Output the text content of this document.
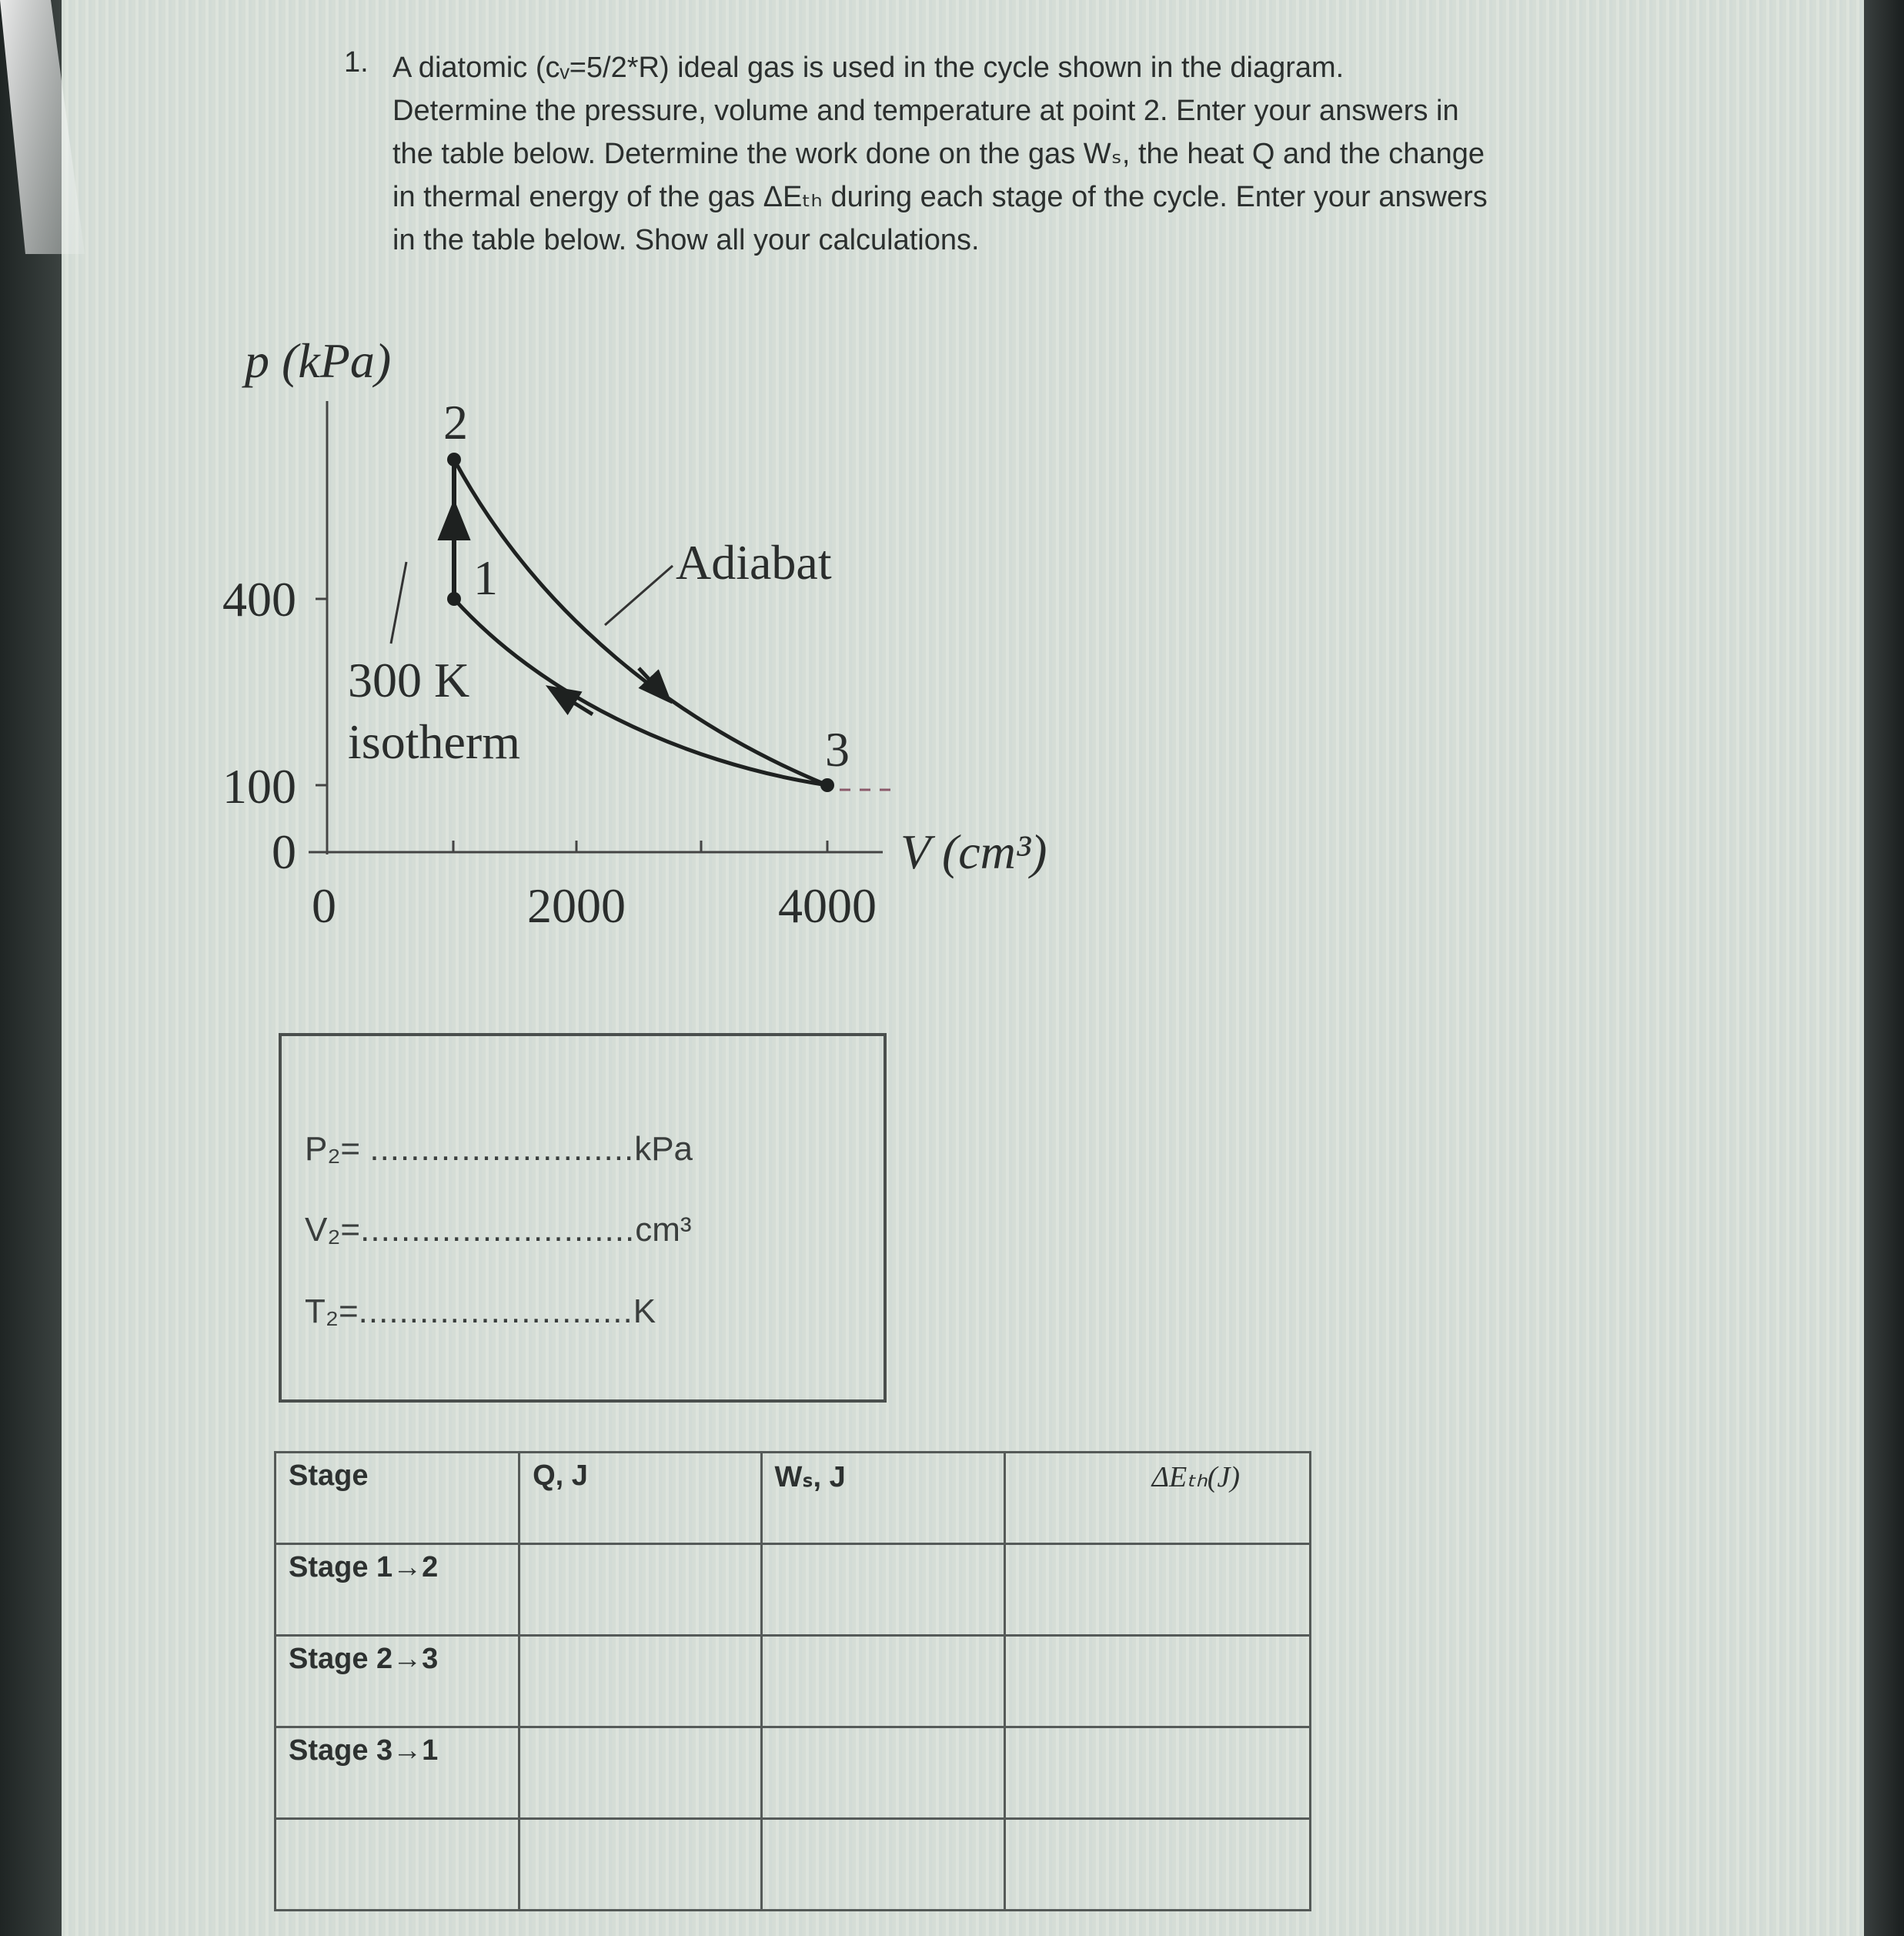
1. A diatomic (cᵥ=5/2*R) ideal gas is used in the cycle shown in the diagram.
Determine the pressure, volume and temperature at point 2. Enter your answers in
the table below. Determine the work done on the gas Wₛ, the heat Q and the change
in thermal energy of the gas ΔEₜₕ during each stage of the cycle. Enter your answers
in the table below. Show all your calculations.
p (kPa)
400
100
0
0	2000	4000
V (cm³)
2
1
3
Adiabat
300 K
isotherm
P₂= ..........................kPa
V₂=...........................cm³
T₂=...........................K
Stage	Q, J	Wₛ, J	ΔEₜₕ(J)
Stage 1→2			
Stage 2→3			
Stage 3→1			
